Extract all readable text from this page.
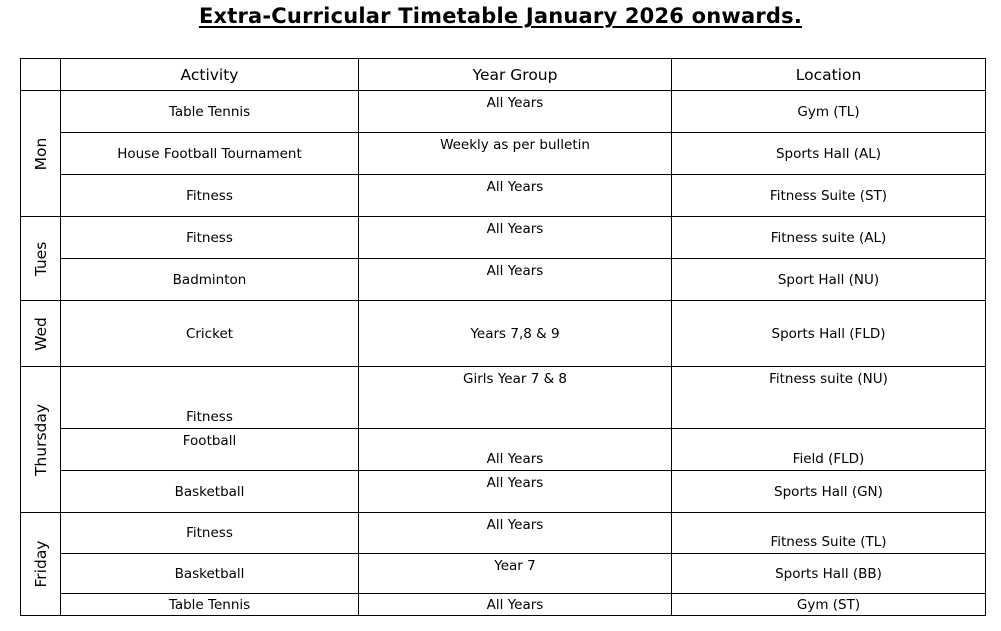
Extra-Curricular Timetable January 2026 onwards.
	Activity	Year Group	Location

Mon	Table Tennis	All Years	Gym (TL)
	House Football Tournament	Weekly as per bulletin	Sports Hall (AL)
	Fitness	All Years	Fitness Suite (ST)

Tues	Fitness	All Years	Fitness suite (AL)
	Badminton	All Years	Sport Hall (NU)

Wed	Cricket	Years 7,8 & 9	Sports Hall (FLD)

Thursday	Fitness	Girls Year 7 & 8	Fitness suite (NU)
	Football	All Years	Field (FLD)
	Basketball	All Years	Sports Hall (GN)

Friday	Fitness	All Years	Fitness Suite (TL)
	Basketball	Year 7	Sports Hall (BB)
	Table Tennis	All Years	Gym (ST)
